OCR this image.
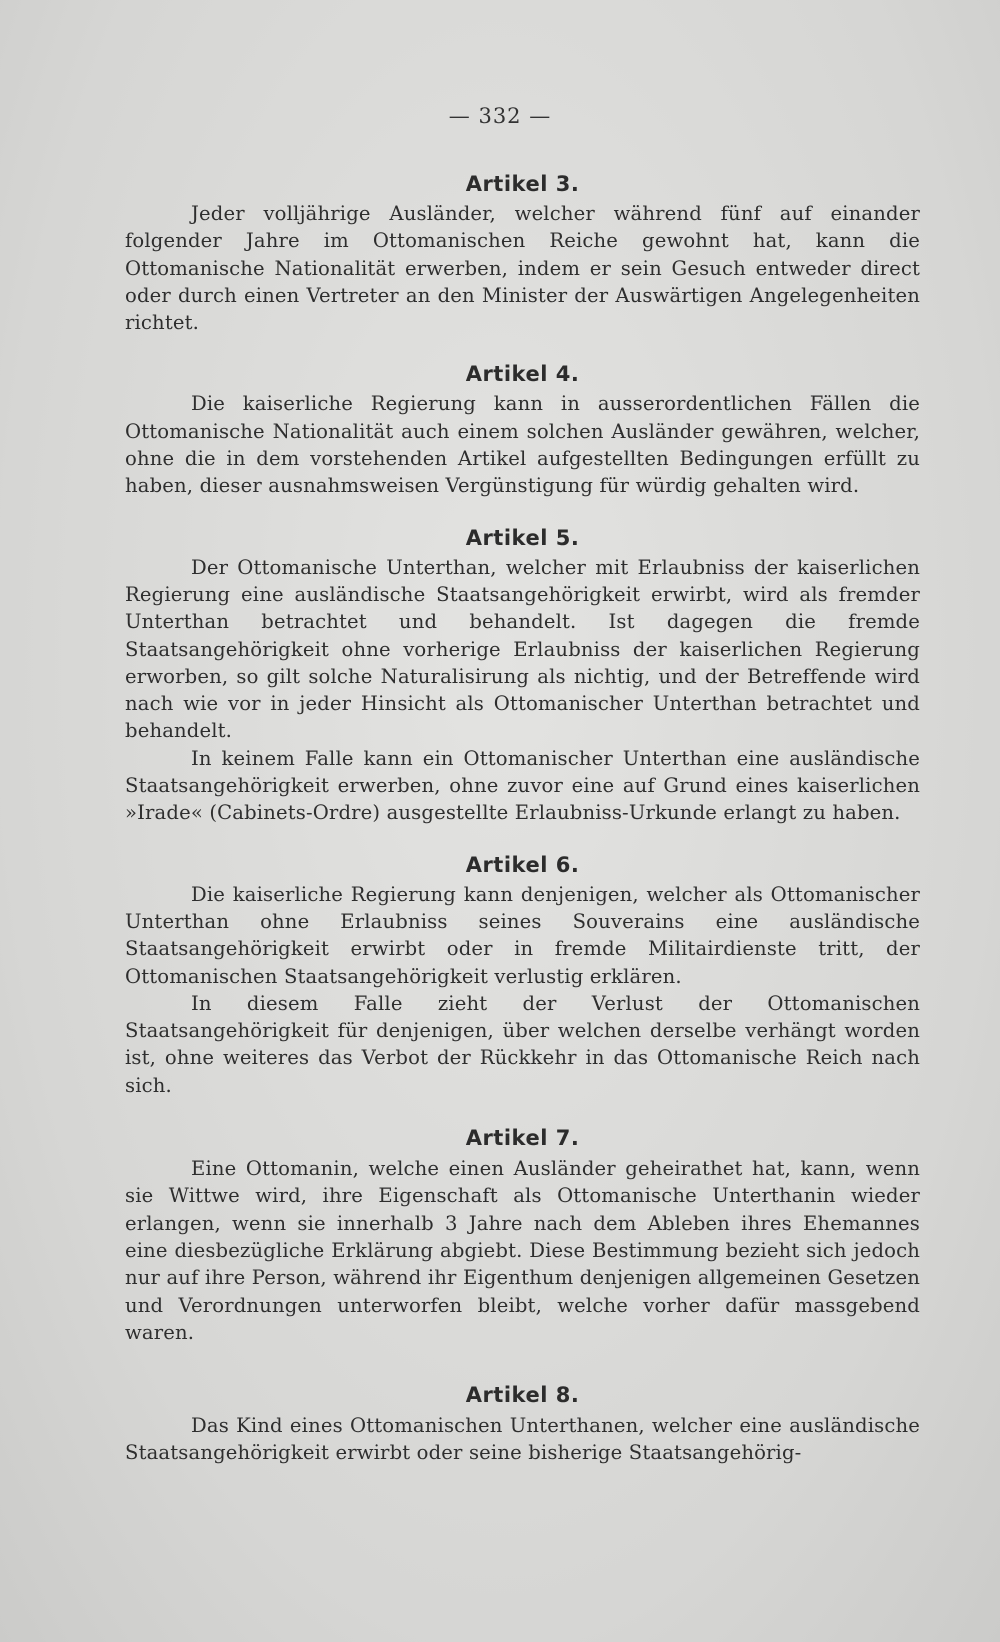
— 332 —
Artikel 3.

Jeder volljährige Ausländer, welcher während fünf auf einander folgender Jahre im Ottomanischen Reiche gewohnt hat, kann die Ottomanische Nationalität erwerben, indem er sein Gesuch entweder direct oder durch einen Vertreter an den Minister der Auswärtigen Angelegenheiten richtet.

Artikel 4.

Die kaiserliche Regierung kann in ausserordentlichen Fällen die Ottomanische Nationalität auch einem solchen Ausländer gewähren, welcher, ohne die in dem vorstehenden Artikel aufgestellten Bedingungen erfüllt zu haben, dieser ausnahmsweisen Vergünstigung für würdig gehalten wird.

Artikel 5.

Der Ottomanische Unterthan, welcher mit Erlaubniss der kaiserlichen Regierung eine ausländische Staatsangehörigkeit erwirbt, wird als fremder Unterthan betrachtet und behandelt. Ist dagegen die fremde Staatsangehörigkeit ohne vorherige Erlaubniss der kaiserlichen Regierung erworben, so gilt solche Naturalisirung als nichtig, und der Betreffende wird nach wie vor in jeder Hinsicht als Ottomanischer Unterthan betrachtet und behandelt.

In keinem Falle kann ein Ottomanischer Unterthan eine ausländische Staatsangehörigkeit erwerben, ohne zuvor eine auf Grund eines kaiserlichen »Irade« (Cabinets-Ordre) ausgestellte Erlaubniss-Urkunde erlangt zu haben.

Artikel 6.

Die kaiserliche Regierung kann denjenigen, welcher als Ottomanischer Unterthan ohne Erlaubniss seines Souverains eine ausländische Staatsangehörigkeit erwirbt oder in fremde Militairdienste tritt, der Ottomanischen Staatsangehörigkeit verlustig erklären.

In diesem Falle zieht der Verlust der Ottomanischen Staatsangehörigkeit für denjenigen, über welchen derselbe verhängt worden ist, ohne weiteres das Verbot der Rückkehr in das Ottomanische Reich nach sich.

Artikel 7.

Eine Ottomanin, welche einen Ausländer geheirathet hat, kann, wenn sie Wittwe wird, ihre Eigenschaft als Ottomanische Unterthanin wieder erlangen, wenn sie innerhalb 3 Jahre nach dem Ableben ihres Ehemannes eine diesbezügliche Erklärung abgiebt. Diese Bestimmung bezieht sich jedoch nur auf ihre Person, während ihr Eigenthum denjenigen allgemeinen Gesetzen und Verordnungen unterworfen bleibt, welche vorher dafür massgebend waren.

Artikel 8.

Das Kind eines Ottomanischen Unterthanen, welcher eine ausländische Staatsangehörigkeit erwirbt oder seine bisherige Staatsangehörig-
